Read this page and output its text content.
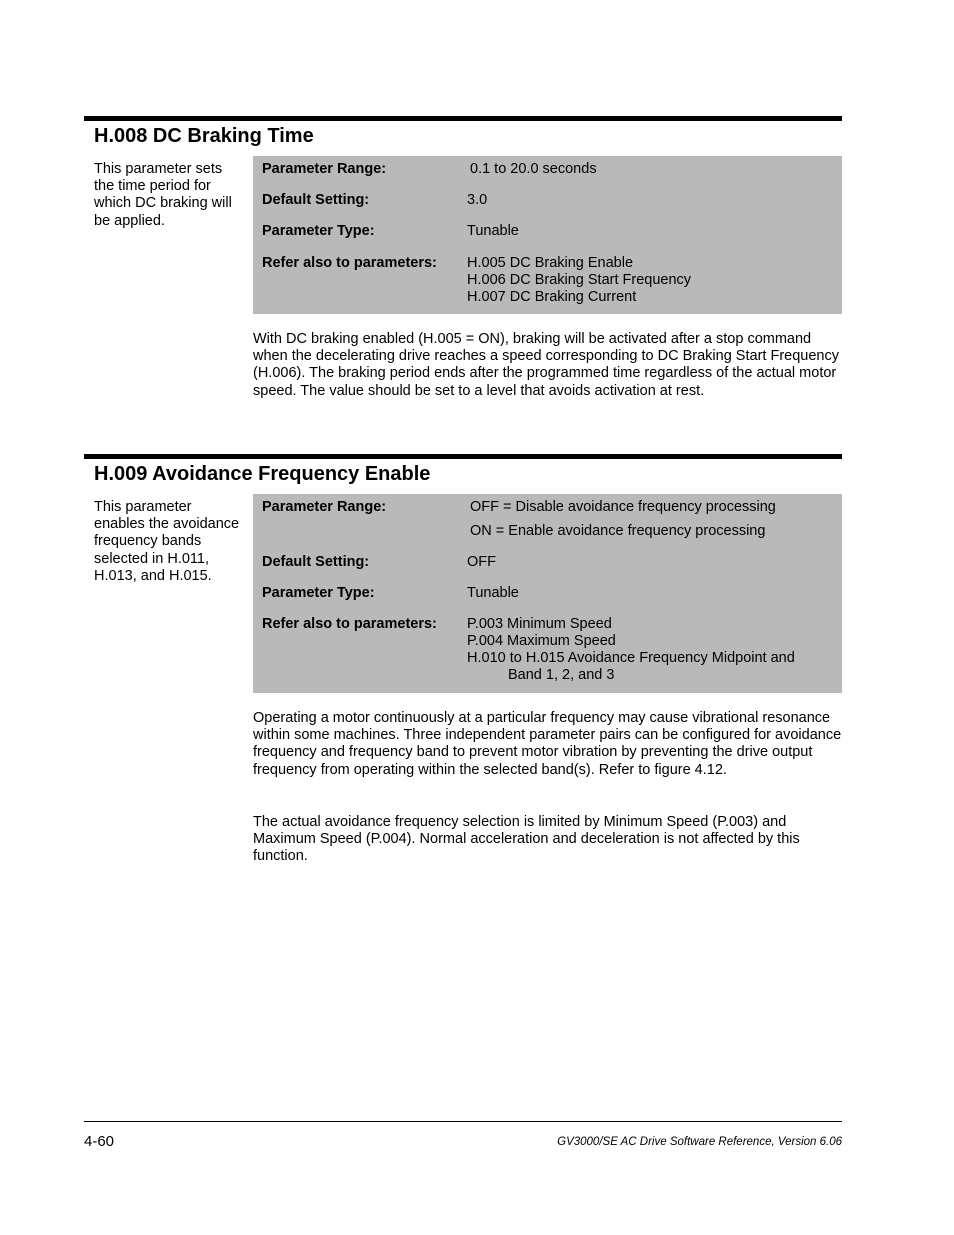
H.008 DC Braking Time
This parameter sets the time period for which DC braking will be applied.
Parameter Range:	0.1 to 20.0 seconds
Default Setting:	3.0
Parameter Type:	Tunable
Refer also to parameters: H.005 DC Braking Enable
H.006 DC Braking Start Frequency
H.007 DC Braking Current

With DC braking enabled (H.005 = ON), braking will be activated after a stop command when the decelerating drive reaches a speed corresponding to DC Braking Start Frequency (H.006). The braking period ends after the programmed time regardless of the actual motor speed. The value should be set to a level that avoids activation at rest.

H.009 Avoidance Frequency Enable
This parameter enables the avoidance frequency bands selected in H.011, H.013, and H.015.
Parameter Range:	OFF = Disable avoidance frequency processing
ON = Enable avoidance frequency processing
Default Setting:	OFF
Parameter Type:	Tunable
Refer also to parameters: P.003 Minimum Speed
P.004 Maximum Speed
H.010 to H.015 Avoidance Frequency Midpoint and
Band 1, 2, and 3

Operating a motor continuously at a particular frequency may cause vibrational resonance within some machines. Three independent parameter pairs can be configured for avoidance frequency and frequency band to prevent motor vibration by preventing the drive output frequency from operating within the selected band(s). Refer to figure 4.12.

The actual avoidance frequency selection is limited by Minimum Speed (P.003) and Maximum Speed (P.004). Normal acceleration and deceleration is not affected by this function.

4-60	GV3000/SE AC Drive Software Reference, Version 6.06
